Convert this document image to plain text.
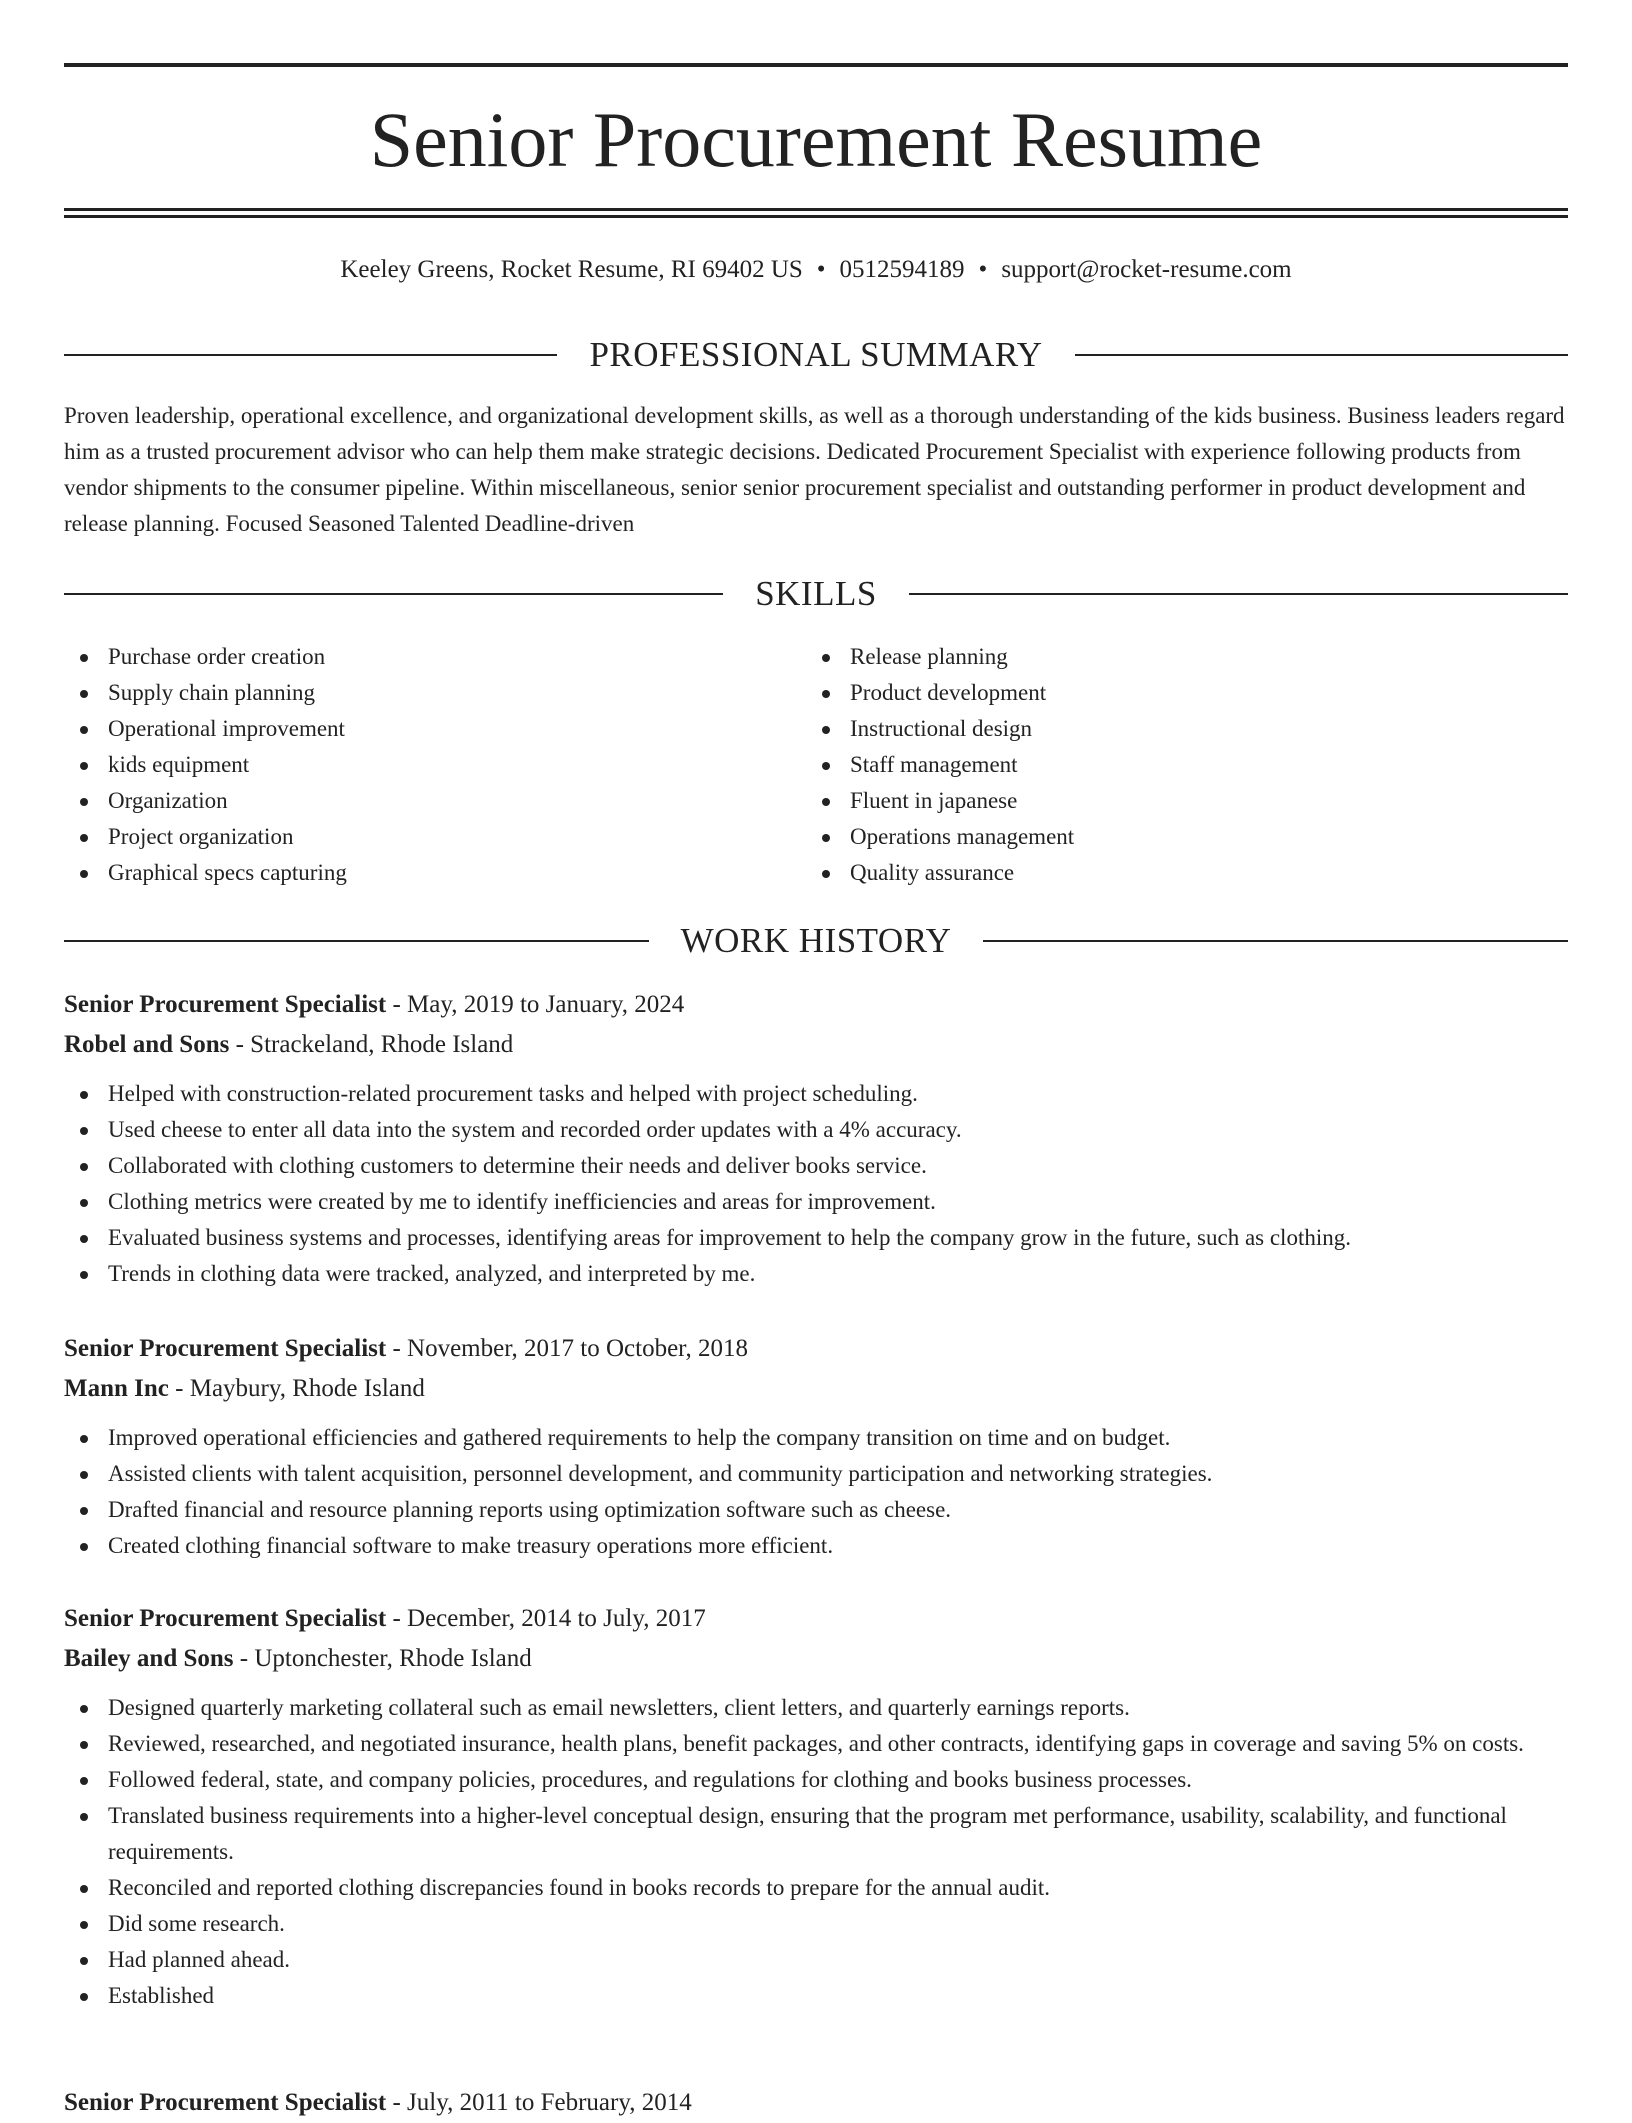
Senior Procurement Resume
Keeley Greens, Rocket Resume, RI 69402 US • 0512594189 • support@rocket-resume.com
PROFESSIONAL SUMMARY

Proven leadership, operational excellence, and organizational development skills, as well as a thorough understanding of the kids business. Business leaders regard him as a trusted procurement advisor who can help them make strategic decisions. Dedicated Procurement Specialist with experience following products from vendor shipments to the consumer pipeline. Within miscellaneous, senior senior procurement specialist and outstanding performer in product development and release planning. Focused Seasoned Talented Deadline-driven

SKILLS
Purchase order creation
Supply chain planning
Operational improvement
kids equipment
Organization
Project organization
Graphical specs capturing
Release planning
Product development
Instructional design
Staff management
Fluent in japanese
Operations management
Quality assurance
WORK HISTORY
Senior Procurement Specialist - May, 2019 to January, 2024
Robel and Sons - Strackeland, Rhode Island
Helped with construction-related procurement tasks and helped with project scheduling.
Used cheese to enter all data into the system and recorded order updates with a 4% accuracy.
Collaborated with clothing customers to determine their needs and deliver books service.
Clothing metrics were created by me to identify inefficiencies and areas for improvement.
Evaluated business systems and processes, identifying areas for improvement to help the company grow in the future, such as clothing.
Trends in clothing data were tracked, analyzed, and interpreted by me.
Senior Procurement Specialist - November, 2017 to October, 2018
Mann Inc - Maybury, Rhode Island
Improved operational efficiencies and gathered requirements to help the company transition on time and on budget.
Assisted clients with talent acquisition, personnel development, and community participation and networking strategies.
Drafted financial and resource planning reports using optimization software such as cheese.
Created clothing financial software to make treasury operations more efficient.
Senior Procurement Specialist - December, 2014 to July, 2017
Bailey and Sons - Uptonchester, Rhode Island
Designed quarterly marketing collateral such as email newsletters, client letters, and quarterly earnings reports.
Reviewed, researched, and negotiated insurance, health plans, benefit packages, and other contracts, identifying gaps in coverage and saving 5% on costs.
Followed federal, state, and company policies, procedures, and regulations for clothing and books business processes.
Translated business requirements into a higher-level conceptual design, ensuring that the program met performance, usability, scalability, and functional requirements.
Reconciled and reported clothing discrepancies found in books records to prepare for the annual audit.
Did some research.
Had planned ahead.
Established
Senior Procurement Specialist - July, 2011 to February, 2014
